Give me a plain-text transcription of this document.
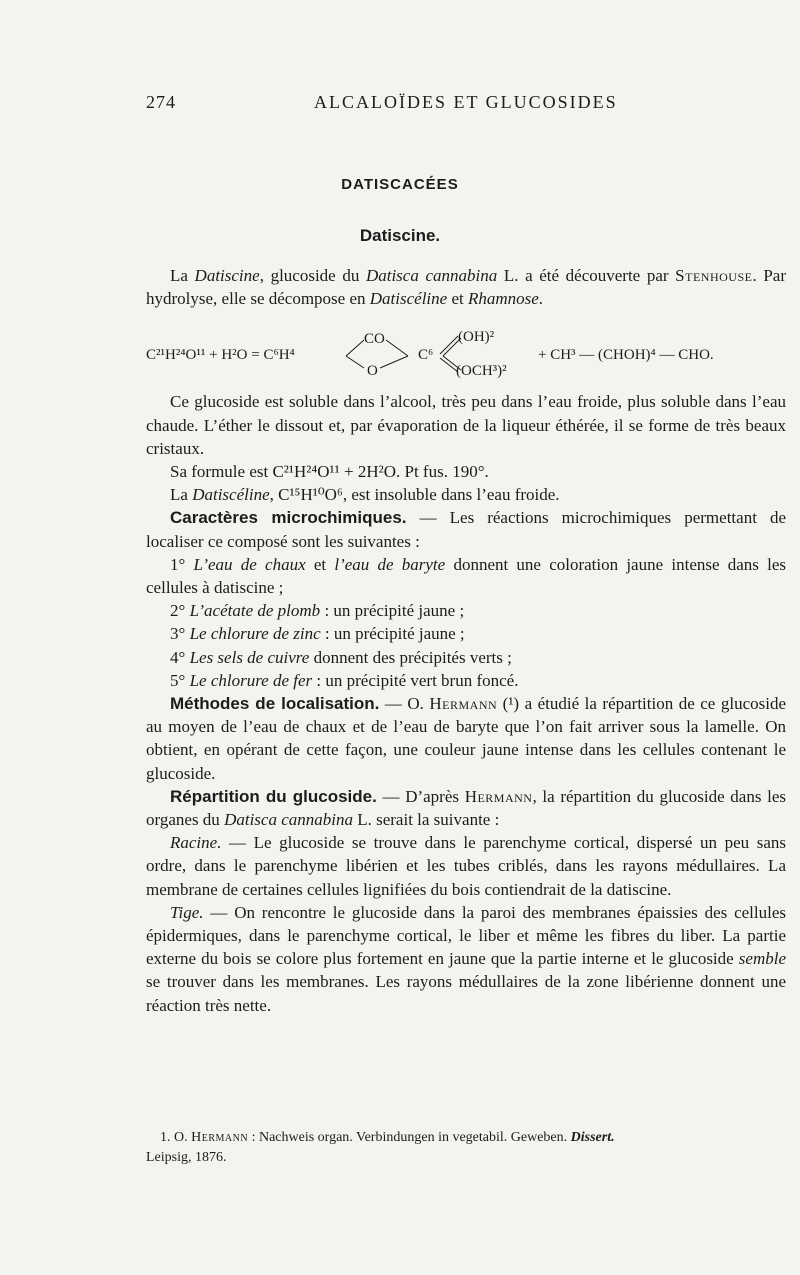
274	ALCALOÏDES ET GLUCOSIDES
DATISCACÉES
Datiscine.

La Datiscine, glucoside du Datisca cannabina L. a été découverte par Stenhouse. Par hydrolyse, elle se décompose en Datiscéline et Rhamnose.

C²¹H²⁴O¹¹ + H²O = C⁶H⁴
CO
O
C⁶
(OH)²
(OCH³)²
+ CH³ — (CHOH)⁴ — CHO.

Ce glucoside est soluble dans l’alcool, très peu dans l’eau froide, plus soluble dans l’eau chaude. L’éther le dissout et, par évaporation de la liqueur éthérée, il se forme de très beaux cristaux.

Sa formule est C²¹H²⁴O¹¹ + 2H²O. Pt fus. 190°.

La Datiscéline, C¹⁵H¹⁰O⁶, est insoluble dans l’eau froide.

Caractères microchimiques. — Les réactions microchimiques permettant de localiser ce composé sont les suivantes :

1° L’eau de chaux et l’eau de baryte donnent une coloration jaune intense dans les cellules à datiscine ;

2° L’acétate de plomb : un précipité jaune ;

3° Le chlorure de zinc : un précipité jaune ;

4° Les sels de cuivre donnent des précipités verts ;

5° Le chlorure de fer : un précipité vert brun foncé.

Méthodes de localisation. — O. Hermann (¹) a étudié la répartition de ce glucoside au moyen de l’eau de chaux et de l’eau de baryte que l’on fait arriver sous la lamelle. On obtient, en opérant de cette façon, une couleur jaune intense dans les cellules contenant le glucoside.

Répartition du glucoside. — D’après Hermann, la répartition du glucoside dans les organes du Datisca cannabina L. serait la suivante :

Racine. — Le glucoside se trouve dans le parenchyme cortical, dispersé un peu sans ordre, dans le parenchyme libérien et les tubes criblés, dans les rayons médullaires. La membrane de certaines cellules lignifiées du bois contiendrait de la datiscine.

Tige. — On rencontre le glucoside dans la paroi des membranes épaissies des cellules épidermiques, dans le parenchyme cortical, le liber et même les fibres du liber. La partie externe du bois se colore plus fortement en jaune que la partie interne et le glucoside semble se trouver dans les membranes. Les rayons médullaires de la zone libérienne donnent une réaction très nette.

1. O. Hermann : Nachweis organ. Verbindungen in vegetabil. Geweben. Dissert.
Leipsig, 1876.
